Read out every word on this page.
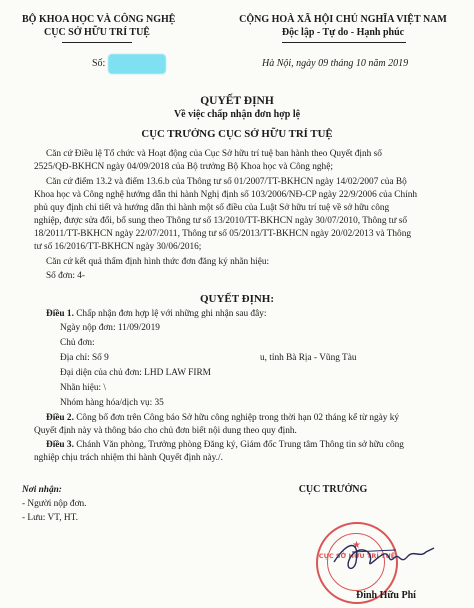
BỘ KHOA HỌC VÀ CÔNG NGHỆ
CỤC SỞ HỮU TRÍ TUỆ
Số:
CỘNG HOÀ XÃ HỘI CHỦ NGHĨA VIỆT NAM
Độc lập - Tự do - Hạnh phúc
Hà Nội, ngày 09 tháng 10 năm 2019
QUYẾT ĐỊNH
Về việc chấp nhận đơn hợp lệ
CỤC TRƯỞNG CỤC SỞ HỮU TRÍ TUỆ
Căn cứ Điều lệ Tổ chức và Hoạt động của Cục Sở hữu trí tuệ ban hành theo Quyết định số
2525/QĐ-BKHCN ngày 04/09/2018 của Bộ trưởng Bộ Khoa học và Công nghệ;
Căn cứ điểm 13.2 và điểm 13.6.b của Thông tư số 01/2007/TT-BKHCN ngày 14/02/2007 của Bộ
Khoa học và Công nghệ hướng dẫn thi hành Nghị định số 103/2006/NĐ-CP ngày 22/9/2006 của Chính
phủ quy định chi tiết và hướng dẫn thi hành một số điều của Luật Sở hữu trí tuệ về sở hữu công
nghiệp, được sửa đổi, bổ sung theo Thông tư số 13/2010/TT-BKHCN ngày 30/07/2010, Thông tư số
18/2011/TT-BKHCN ngày 22/07/2011, Thông tư số 05/2013/TT-BKHCN ngày 20/02/2013 và Thông
tư số 16/2016/TT-BKHCN ngày 30/06/2016;
Căn cứ kết quả thẩm định hình thức đơn đăng ký nhãn hiệu:
Số đơn: 4-
QUYẾT ĐỊNH:
Điều 1. Chấp nhận đơn hợp lệ với những ghi nhận sau đây:
Ngày nộp đơn: 11/09/2019
Chủ đơn:
Địa chỉ: Số 9	u, tỉnh Bà Rịa - Vũng Tàu
Đại diện của chủ đơn: LHD LAW FIRM
Nhãn hiệu: \
Nhóm hàng hóa/dịch vụ: 35
Điều 2. Công bố đơn trên Công báo Sở hữu công nghiệp trong thời hạn 02 tháng kể từ ngày ký
Quyết định này và thông báo cho chủ đơn biết nội dung theo quy định.
Điều 3. Chánh Văn phòng, Trưởng phòng Đăng ký, Giám đốc Trung tâm Thông tin sở hữu công
nghiệp chịu trách nhiệm thi hành Quyết định này./.
Nơi nhận:
- Người nộp đơn.
- Lưu: VT, HT.
CỤC TRƯỞNG
★
CỤC SỞ HỮU TRÍ TUỆ
Đinh Hữu Phí
